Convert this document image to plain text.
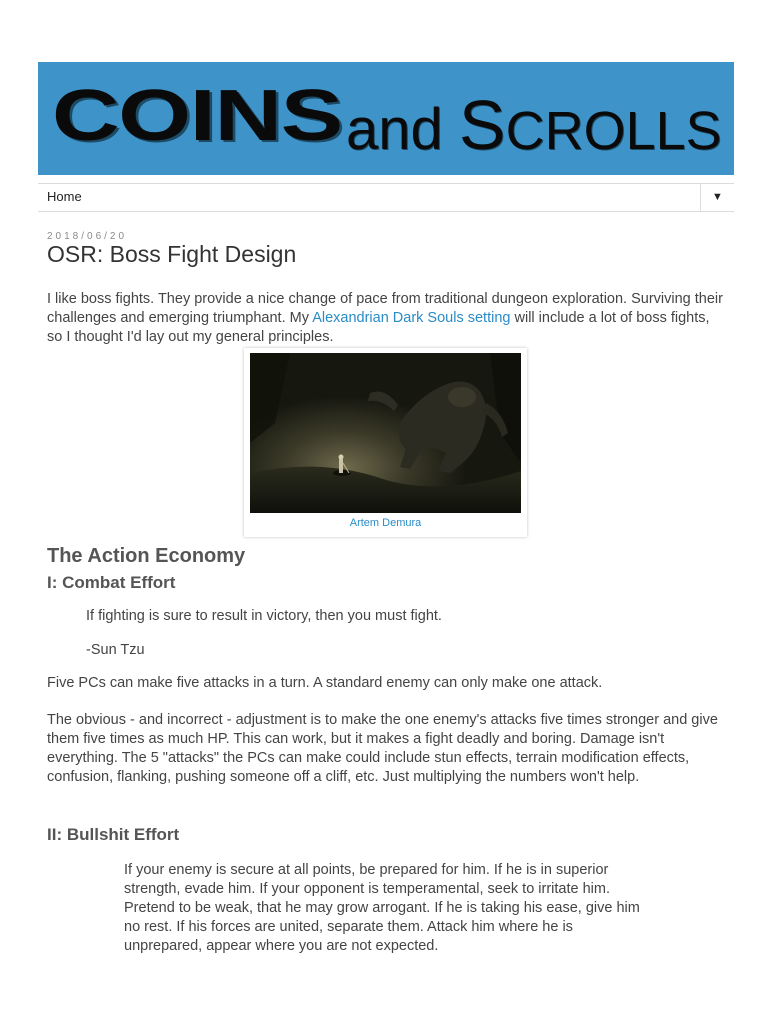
COINS and SCROLLS
Home	▼
2018/06/20
OSR: Boss Fight Design

I like boss fights. They provide a nice change of pace from traditional dungeon exploration. Surviving their challenges and emerging triumphant. My Alexandrian Dark Souls setting will include a lot of boss fights, so I thought I'd lay out my general principles.

Artem Demura
The Action Economy
I: Combat Effort

If fighting is sure to result in victory, then you must fight.

-Sun Tzu

Five PCs can make five attacks in a turn. A standard enemy can only make one attack.

The obvious - and incorrect - adjustment is to make the one enemy's attacks five times stronger and give them five times as much HP. This can work, but it makes a fight deadly and boring. Damage isn't everything. The 5 "attacks" the PCs can make could include stun effects, terrain modification effects, confusion, flanking, pushing someone off a cliff, etc. Just multiplying the numbers won't help.

II: Bullshit Effort

If your enemy is secure at all points, be prepared for him. If he is in superior strength, evade him. If your opponent is temperamental, seek to irritate him. Pretend to be weak, that he may grow arrogant. If he is taking his ease, give him no rest. If his forces are united, separate them. Attack him where he is unprepared, appear where you are not expected.
